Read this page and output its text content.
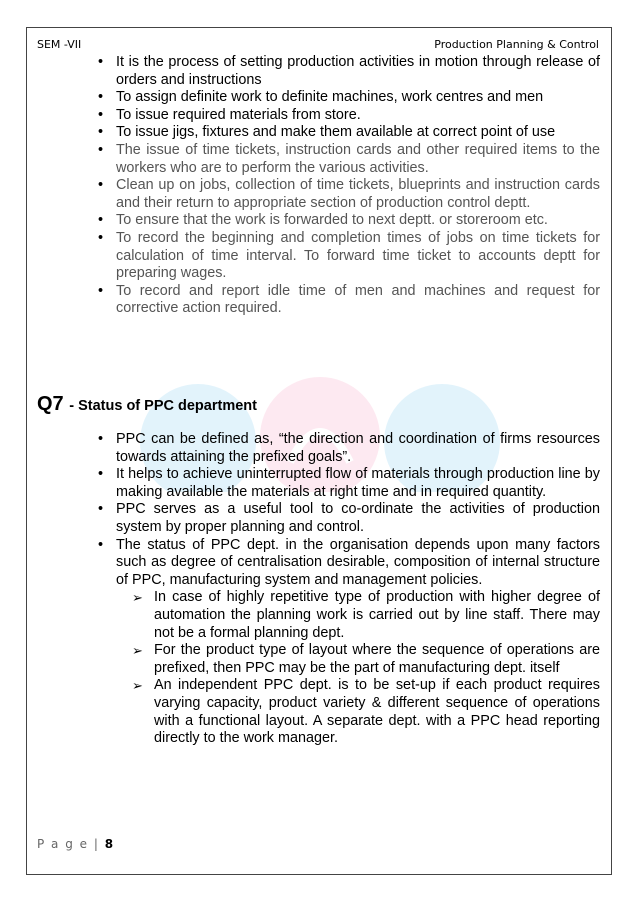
SEM -VII	Production Planning & Control
• It is the process of setting production activities in motion through release of orders and instructions
• To assign definite work to definite machines, work centres and men
• To issue required materials from store.
• To issue jigs, fixtures and make them available at correct point of use
• The issue of time tickets, instruction cards and other required items to the workers who are to perform the various activities.
• Clean up on jobs, collection of time tickets, blueprints and instruction cards and their return to appropriate section of production control deptt.
• To ensure that the work is forwarded to next deptt. or storeroom etc.
• To record the beginning and completion times of jobs on time tickets for calculation of time interval. To forward time ticket to accounts deptt for preparing wages.
• To record and report idle time of men and machines and request for corrective action required.
Q7 - Status of PPC department
• PPC can be defined as, “the direction and coordination of firms resources towards attaining the prefixed goals”.
• It helps to achieve uninterrupted flow of materials through production line by making available the materials at right time and in required quantity.
• PPC serves as a useful tool to co-ordinate the activities of production system by proper planning and control.
• The status of PPC dept. in the organisation depends upon many factors such as degree of centralisation desirable, composition of internal structure of PPC, manufacturing system and management policies.
➢ In case of highly repetitive type of production with higher degree of automation the planning work is carried out by line staff. There may not be a formal planning dept.
➢ For the product type of layout where the sequence of operations are prefixed, then PPC may be the part of manufacturing dept. itself
➢ An independent PPC dept. is to be set-up if each product requires varying capacity, product variety & different sequence of operations with a functional layout. A separate dept. with a PPC head reporting directly to the work manager.
P a g e | 8
